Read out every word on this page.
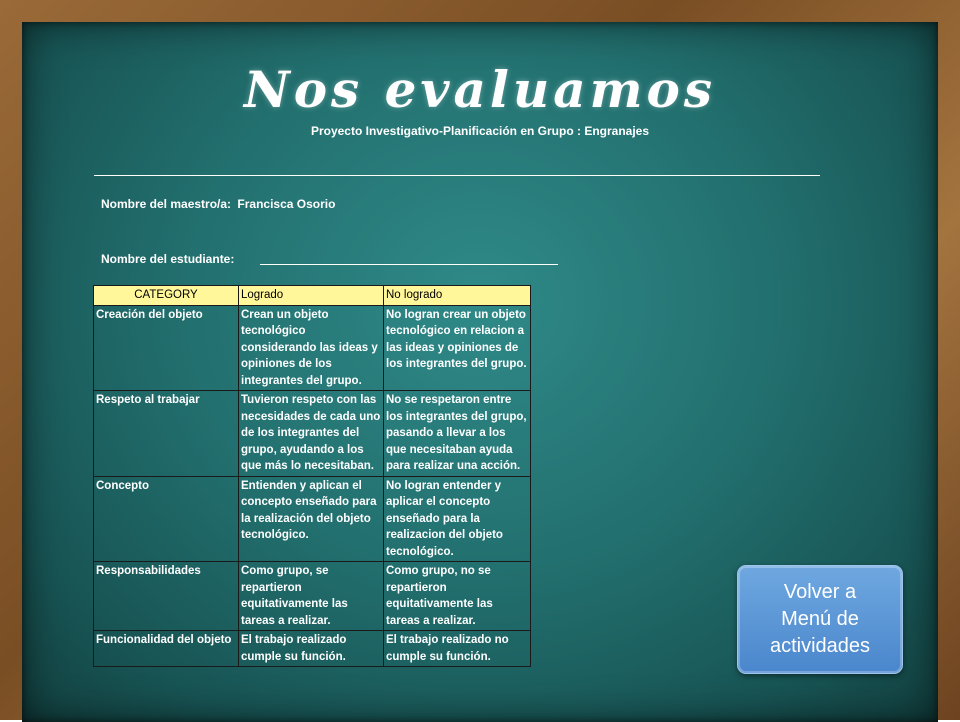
Nos evaluamos
Proyecto Investigativo-Planificación en Grupo : Engranajes
Nombre del maestro/a: Francisca Osorio
Nombre del estudiante:
CATEGORY	Logrado	No logrado
Creación del objeto	Crean un objeto tecnológico considerando las ideas y opiniones de los integrantes del grupo.	No logran crear un objeto tecnológico en relacion a las ideas y opiniones de los integrantes del grupo.
Respeto al trabajar	Tuvieron respeto con las necesidades de cada uno de los integrantes del grupo, ayudando a los que más lo necesitaban.	No se respetaron entre los integrantes del grupo, pasando a llevar a los que necesitaban ayuda para realizar una acción.
Concepto	Entienden y aplican el concepto enseñado para la realización del objeto tecnológico.	No logran entender y aplicar el concepto enseñado para la realizacion del objeto tecnológico.
Responsabilidades	Como grupo, se repartieron equitativamente las tareas a realizar.	Como grupo, no se repartieron equitativamente las tareas a realizar.
Funcionalidad del objeto	El trabajo realizado cumple su función.	El trabajo realizado no cumple su función.
Volver a
Menú de
actividades
